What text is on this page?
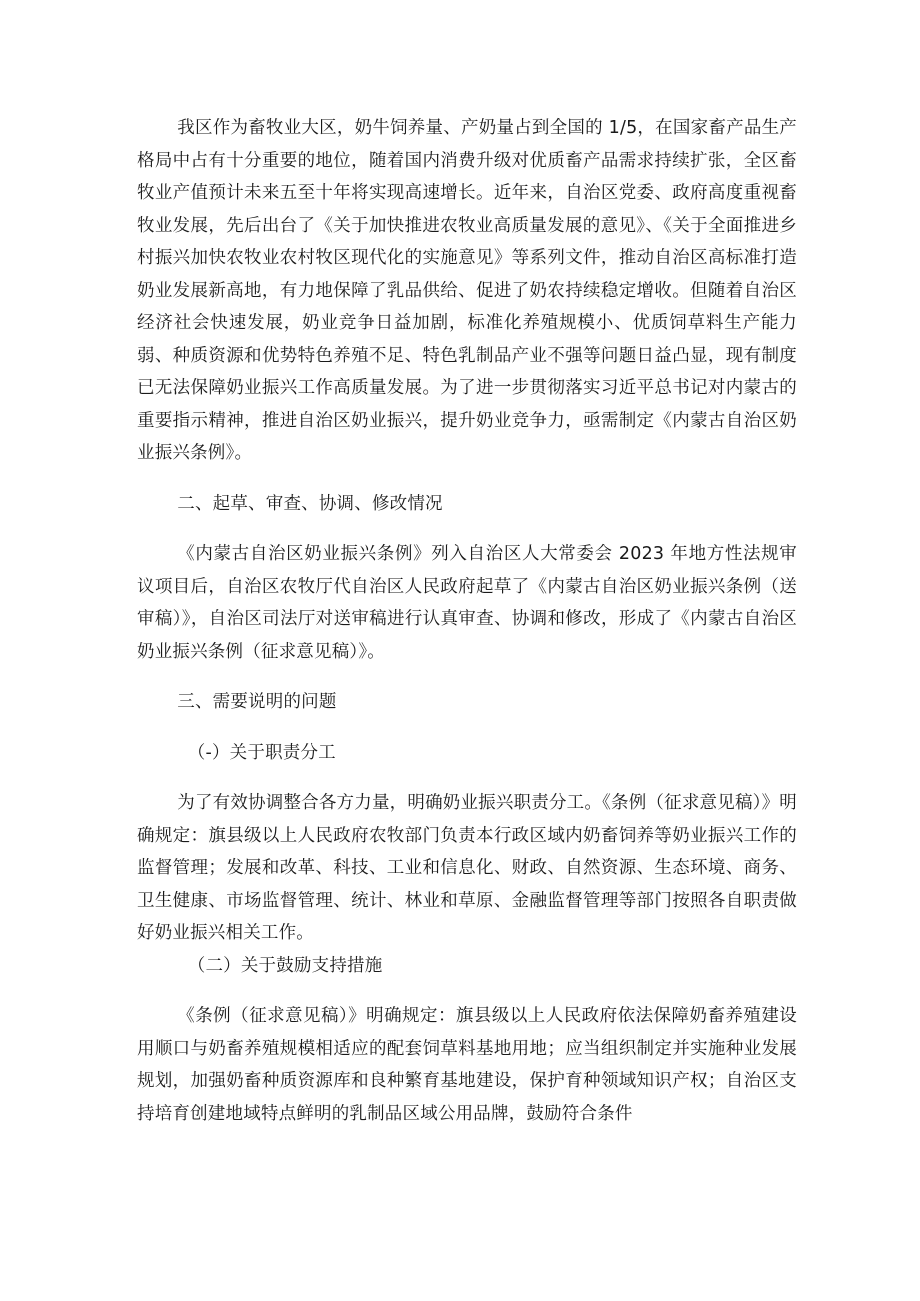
我区作为畜牧业大区，奶牛饲养量、产奶量占到全国的 1/5，在国家畜产品生产格局中占有十分重要的地位，随着国内消费升级对优质畜产品需求持续扩张，全区畜牧业产值预计未来五至十年将实现高速增长。近年来，自治区党委、政府高度重视畜牧业发展，先后出台了《关于加快推进农牧业高质量发展的意见》、《关于全面推进乡村振兴加快农牧业农村牧区现代化的实施意见》等系列文件，推动自治区高标准打造奶业发展新高地，有力地保障了乳品供给、促进了奶农持续稳定增收。但随着自治区经济社会快速发展，奶业竞争日益加剧，标准化养殖规模小、优质饲草料生产能力弱、种质资源和优势特色养殖不足、特色乳制品产业不强等问题日益凸显，现有制度已无法保障奶业振兴工作高质量发展。为了进一步贯彻落实习近平总书记对内蒙古的重要指示精神，推进自治区奶业振兴，提升奶业竞争力，亟需制定《内蒙古自治区奶业振兴条例》。

二、起草、审查、协调、修改情况

《内蒙古自治区奶业振兴条例》列入自治区人大常委会 2023 年地方性法规审议项目后，自治区农牧厅代自治区人民政府起草了《内蒙古自治区奶业振兴条例（送审稿）》，自治区司法厅对送审稿进行认真审查、协调和修改，形成了《内蒙古自治区奶业振兴条例（征求意见稿）》。

三、需要说明的问题

（-）关于职责分工

为了有效协调整合各方力量，明确奶业振兴职责分工。《条例（征求意见稿）》明确规定：旗县级以上人民政府农牧部门负责本行政区域内奶畜饲养等奶业振兴工作的监督管理；发展和改革、科技、工业和信息化、财政、自然资源、生态环境、商务、卫生健康、市场监督管理、统计、林业和草原、金融监督管理等部门按照各自职责做好奶业振兴相关工作。

（二）关于鼓励支持措施

《条例（征求意见稿）》明确规定：旗县级以上人民政府依法保障奶畜养殖建设用顺口与奶畜养殖规模相适应的配套饲草料基地用地；应当组织制定并实施种业发展规划，加强奶畜种质资源库和良种繁育基地建设，保护育种领域知识产权；自治区支持培育创建地域特点鲜明的乳制品区域公用品牌，鼓励符合条件
